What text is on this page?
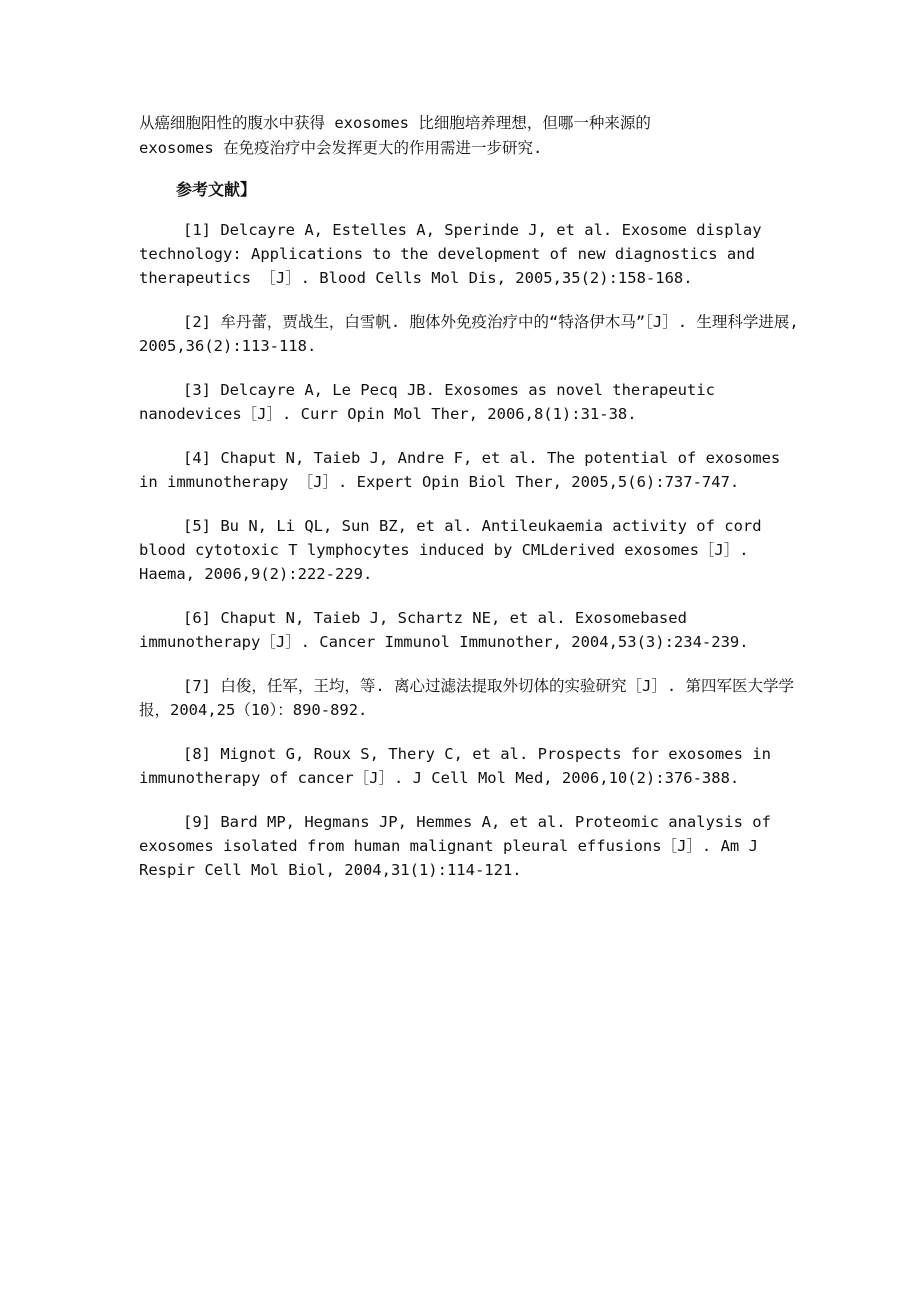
从癌细胞阳性的腹水中获得 exosomes 比细胞培养理想，但哪一种来源的

exosomes 在免疫治疗中会发挥更大的作用需进一步研究.

参考文献】

[1] Delcayre A, Estelles A, Sperinde J, et al. Exosome display technology: Applications to the development of new diagnostics and therapeutics ［J］. Blood Cells Mol Dis, 2005,35(2):158-168.

[2] 牟丹蕾，贾战生，白雪帆. 胞体外免疫治疗中的“特洛伊木马”［J］. 生理科学进展, 2005,36(2):113-118.

[3] Delcayre A, Le Pecq JB. Exosomes as novel therapeutic nanodevices［J］. Curr Opin Mol Ther, 2006,8(1):31-38.

[4] Chaput N, Taieb J, Andre F, et al. The potential of exosomes in immunotherapy ［J］. Expert Opin Biol Ther, 2005,5(6):737-747.

[5] Bu N, Li QL, Sun BZ, et al. Antileukaemia activity of cord blood cytotoxic T lymphocytes induced by CMLderived exosomes［J］. Haema, 2006,9(2):222-229.

[6] Chaput N, Taieb J, Schartz NE, et al. Exosomebased immunotherapy［J］. Cancer Immunol Immunother, 2004,53(3):234-239.

[7] 白俊，任军，王均，等. 离心过滤法提取外切体的实验研究［J］. 第四军医大学学报，2004,25（10）：890-892.

[8] Mignot G, Roux S, Thery C, et al. Prospects for exosomes in immunotherapy of cancer［J］. J Cell Mol Med, 2006,10(2):376-388.

[9] Bard MP, Hegmans JP, Hemmes A, et al. Proteomic analysis of exosomes isolated from human malignant pleural effusions［J］. Am J Respir Cell Mol Biol, 2004,31(1):114-121.
